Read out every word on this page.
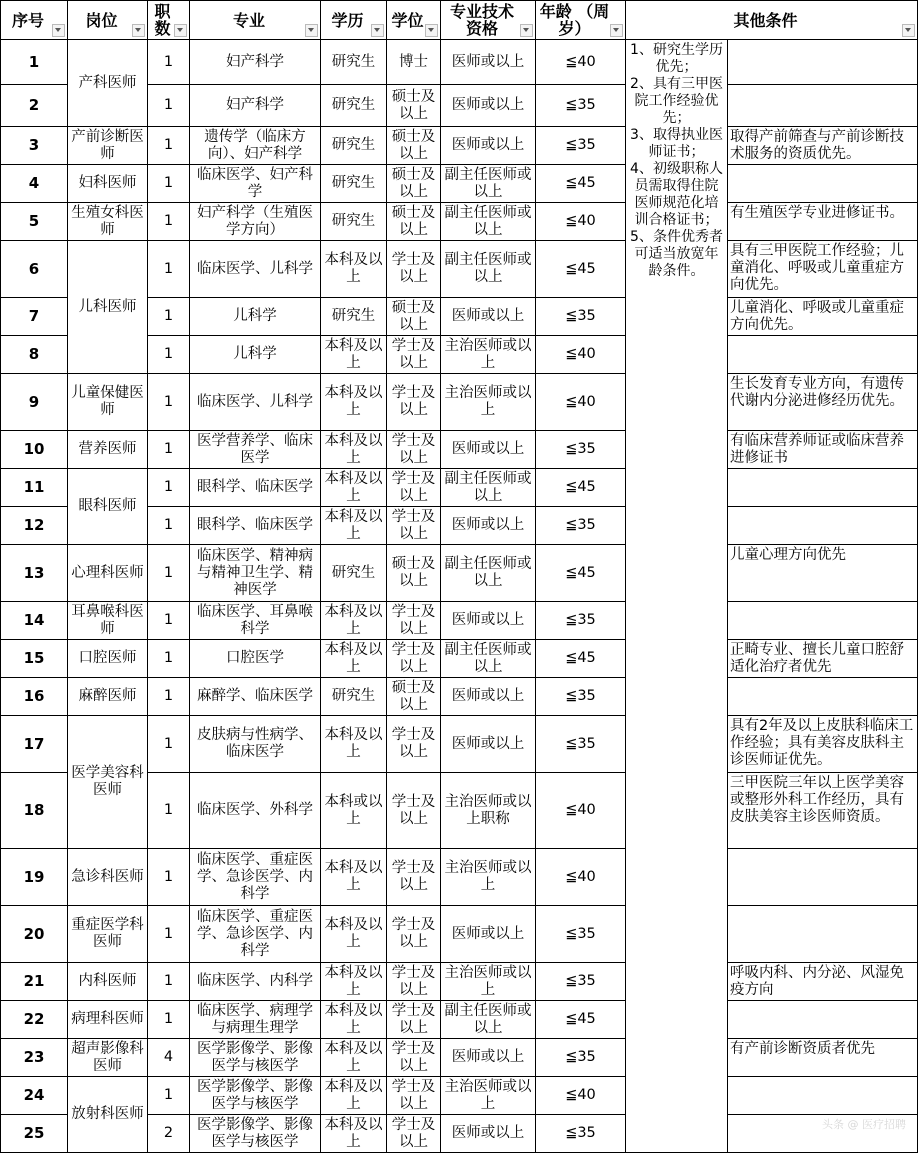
序号	岗位	职数	专业	学历	学位	专业技术资格	年龄 （周岁）	其他条件	

1	产科医师	1	妇产科学	研究生	博士	医师或以上	≦40	1、研究生学历优先；
2、具有三甲医院工作经验优先；
3、取得执业医师证书；
4、初级职称人员需取得住院医师规范化培训合格证书；
5、条件优秀者可适当放宽年龄条件。	
2		1	妇产科学	研究生	硕士及以上	医师或以上	≦35		
3	产前诊断医师	1	遗传学（临床方向）、妇产科学	研究生	硕士及以上	医师或以上	≦35		取得产前筛查与产前诊断技术服务的资质优先。
4	妇科医师	1	临床医学、妇产科学	研究生	硕士及以上	副主任医师或以上	≦45		
5	生殖女科医师	1	妇产科学（生殖医学方向）	研究生	硕士及以上	副主任医师或以上	≦40		有生殖医学专业进修证书。
6	儿科医师	1	临床医学、儿科学	本科及以上	学士及以上	副主任医师或以上	≦45		具有三甲医院工作经验；儿童消化、呼吸或儿童重症方向优先。
7		1	儿科学	研究生	硕士及以上	医师或以上	≦35		儿童消化、呼吸或儿童重症方向优先。
8		1	儿科学	本科及以上	学士及以上	主治医师或以上	≦40		
9	儿童保健医师	1	临床医学、儿科学	本科及以上	学士及以上	主治医师或以上	≦40		生长发育专业方向，有遗传代谢内分泌进修经历优先。
10	营养医师	1	医学营养学、临床医学	本科及以上	学士及以上	医师或以上	≦35		有临床营养师证或临床营养进修证书
11	眼科医师	1	眼科学、临床医学	本科及以上	学士及以上	副主任医师或以上	≦45		
12		1	眼科学、临床医学	本科及以上	学士及以上	医师或以上	≦35		
13	心理科医师	1	临床医学、精神病与精神卫生学、精神医学	研究生	硕士及以上	副主任医师或以上	≦45		儿童心理方向优先
14	耳鼻喉科医师	1	临床医学、耳鼻喉科学	本科及以上	学士及以上	医师或以上	≦35		
15	口腔医师	1	口腔医学	本科及以上	学士及以上	副主任医师或以上	≦45		正畸专业、擅长儿童口腔舒适化治疗者优先
16	麻醉医师	1	麻醉学、临床医学	研究生	硕士及以上	医师或以上	≦35		
17	医学美容科医师	1	皮肤病与性病学、临床医学	本科及以上	学士及以上	医师或以上	≦35		具有2年及以上皮肤科临床工作经验；具有美容皮肤科主诊医师证优先。
18		1	临床医学、外科学	本科或以上	学士及以上	主治医师或以上职称	≦40		三甲医院三年以上医学美容或整形外科工作经历，具有皮肤美容主诊医师资质。
19	急诊科医师	1	临床医学、重症医学、急诊医学、内科学	本科及以上	学士及以上	主治医师或以上	≦40		
20	重症医学科医师	1	临床医学、重症医学、急诊医学、内科学	本科及以上	学士及以上	医师或以上	≦35		
21	内科医师	1	临床医学、内科学	本科及以上	学士及以上	主治医师或以上	≦35		呼吸内科、内分泌、风湿免疫方向
22	病理科医师	1	临床医学、病理学与病理生理学	本科及以上	学士及以上	副主任医师或以上	≦45		
23	超声影像科医师	4	医学影像学、影像医学与核医学	本科及以上	学士及以上	医师或以上	≦35		有产前诊断资质者优先
24	放射科医师	1	医学影像学、影像医学与核医学	本科及以上	学士及以上	主治医师或以上	≦40		
25		2	医学影像学、影像医学与核医学	本科及以上	学士及以上	医师或以上	≦35			头条 @ 医疗招聘
